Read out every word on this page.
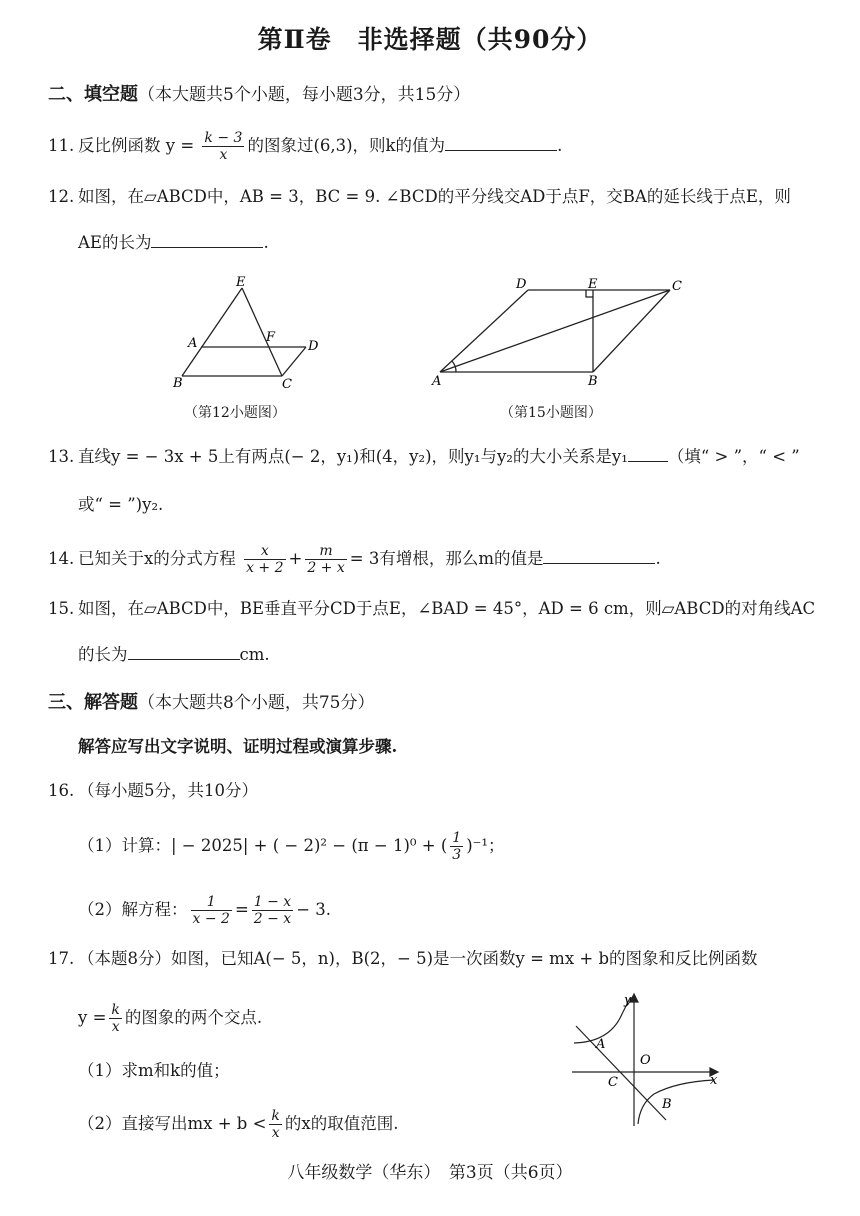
第Ⅱ卷　非选择题（共90分）
二、填空题（本大题共5个小题，每小题3分，共15分）
11. 反比例函数 $y = \frac{k - 3}{x}$ 的图象过(6,3)，则k的值为	.
12. 如图，在▱ABCD中，AB = 3，BC = 9. ∠BCD的平分线交AD于点F，交BA的延长线于点E，则
AE的长为	.
E
A	F
D
B	C
（第12小题图）
D	E	C
A	B
（第15小题图）
13. 直线y = − 3x + 5上有两点(− 2，y₁)和(4，y₂)，则y₁与y₂的大小关系是y₁ （填“ > ”，“ < ”
或“ = ”)y₂.
14. 已知关于x的分式方程 $\frac{x}{x + 2} + \frac{m}{2 + x} = 3$有增根，那么m的值是	.
15. 如图，在▱ABCD中，BE垂直平分CD于点E，∠BAD = 45°，AD = 6 cm，则▱ABCD的对角线AC
的长为	cm.
三、解答题（本大题共8个小题，共75分）
解答应写出文字说明、证明过程或演算步骤.
16. （每小题5分，共10分）
（1）计算：| − 2025| + ( − 2)² − (π − 1)⁰ + ( $\frac{1}{3} )^{-1}$；
（2）解方程： $\frac{1}{x - 2} = \frac{1 - x}{2 - x} - 3$.
17. （本题8分）如图，已知A(− 5，n)，B(2，− 5)是一次函数y = mx + b的图象和反比例函数
$y = \frac{k}{x}$ 的图象的两个交点.
（1）求m和k的值；
（2）直接写出mx + $b < \frac{k}{x}$ 的x的取值范围.
y
x
A
O
C
B
八年级数学（华东）　第3页（共6页）
